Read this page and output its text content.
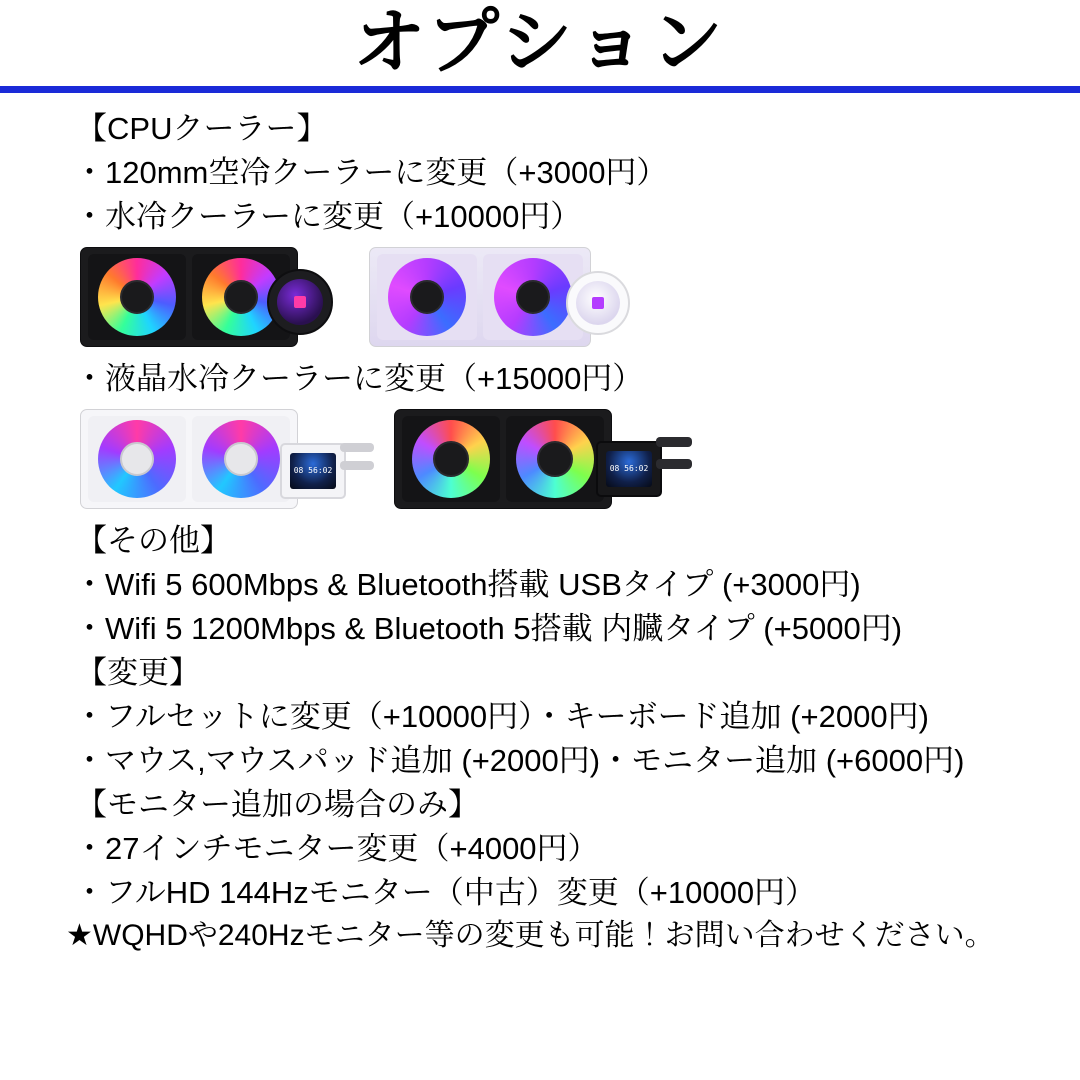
オプション
【CPUクーラー】
・120mm空冷クーラーに変更（+3000円）
・水冷クーラーに変更（+10000円）
・液晶水冷クーラーに変更（+15000円）
08 56:02	08 56:02
【その他】
・Wifi 5 600Mbps & Bluetooth搭載 USBタイプ (+3000円)
・Wifi 5 1200Mbps & Bluetooth 5搭載 内臓タイプ (+5000円)
【変更】
・フルセットに変更（+10000円）・キーボード追加 (+2000円)
・マウス,マウスパッド追加 (+2000円)・モニター追加 (+6000円)
【モニター追加の場合のみ】
・27インチモニター変更（+4000円）
・フルHD 144Hzモニター（中古）変更（+10000円）
★WQHDや240Hzモニター等の変更も可能！お問い合わせください。
